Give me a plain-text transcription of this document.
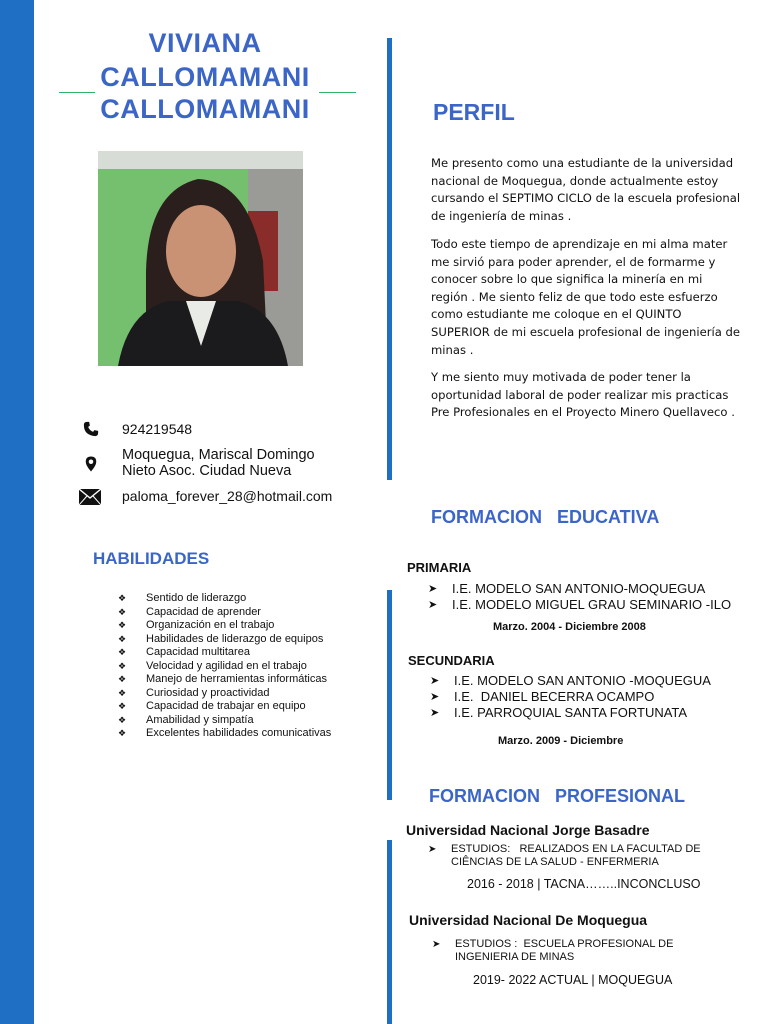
VIVIANA
CALLOMAMANI
CALLOMAMANI
924219548
Moquegua, Mariscal Domingo
Nieto Asoc. Ciudad Nueva
paloma_forever_28@hotmail.com
HABILIDADES
❖ Sentido de liderazgo
❖ Capacidad de aprender
❖ Organización en el trabajo
❖ Habilidades de liderazgo de equipos
❖ Capacidad multitarea
❖ Velocidad y agilidad en el trabajo
❖ Manejo de herramientas informáticas
❖ Curiosidad y proactividad
❖ Capacidad de trabajar en equipo
❖ Amabilidad y simpatía
❖ Excelentes habilidades comunicativas
PERFIL
Me presento como una estudiante de la universidad nacional de Moquegua, donde actualmente estoy cursando el SEPTIMO CICLO de la escuela profesional de ingeniería de minas .
Todo este tiempo de aprendizaje en mi alma mater me sirvió para poder aprender, el de formarme y conocer sobre lo que significa la minería en mi región . Me siento feliz de que todo este esfuerzo como estudiante me coloque en el QUINTO SUPERIOR de mi escuela profesional de ingeniería de minas .
Y me siento muy motivada de poder tener la oportunidad laboral de poder realizar mis practicas Pre Profesionales en el Proyecto Minero Quellaveco .
FORMACION   EDUCATIVA
PRIMARIA
➤ I.E. MODELO SAN ANTONIO-MOQUEGUA
➤ I.E. MODELO MIGUEL GRAU SEMINARIO -ILO
Marzo. 2004 - Diciembre 2008
SECUNDARIA
➤ I.E. MODELO SAN ANTONIO -MOQUEGUA
➤ I.E.  DANIEL BECERRA OCAMPO
➤ I.E. PARROQUIAL SANTA FORTUNATA
Marzo. 2009 - Diciembre
FORMACION   PROFESIONAL
Universidad Nacional Jorge Basadre
➤ ESTUDIOS:   REALIZADOS EN LA FACULTAD DE CIÊNCIAS DE LA SALUD - ENFERMERIA
2016 - 2018 | TACNA……..INCONCLUSO
Universidad Nacional De Moquegua
➤ ESTUDIOS :  ESCUELA PROFESIONAL DE INGENIERIA DE MINAS
2019- 2022 ACTUAL | MOQUEGUA
